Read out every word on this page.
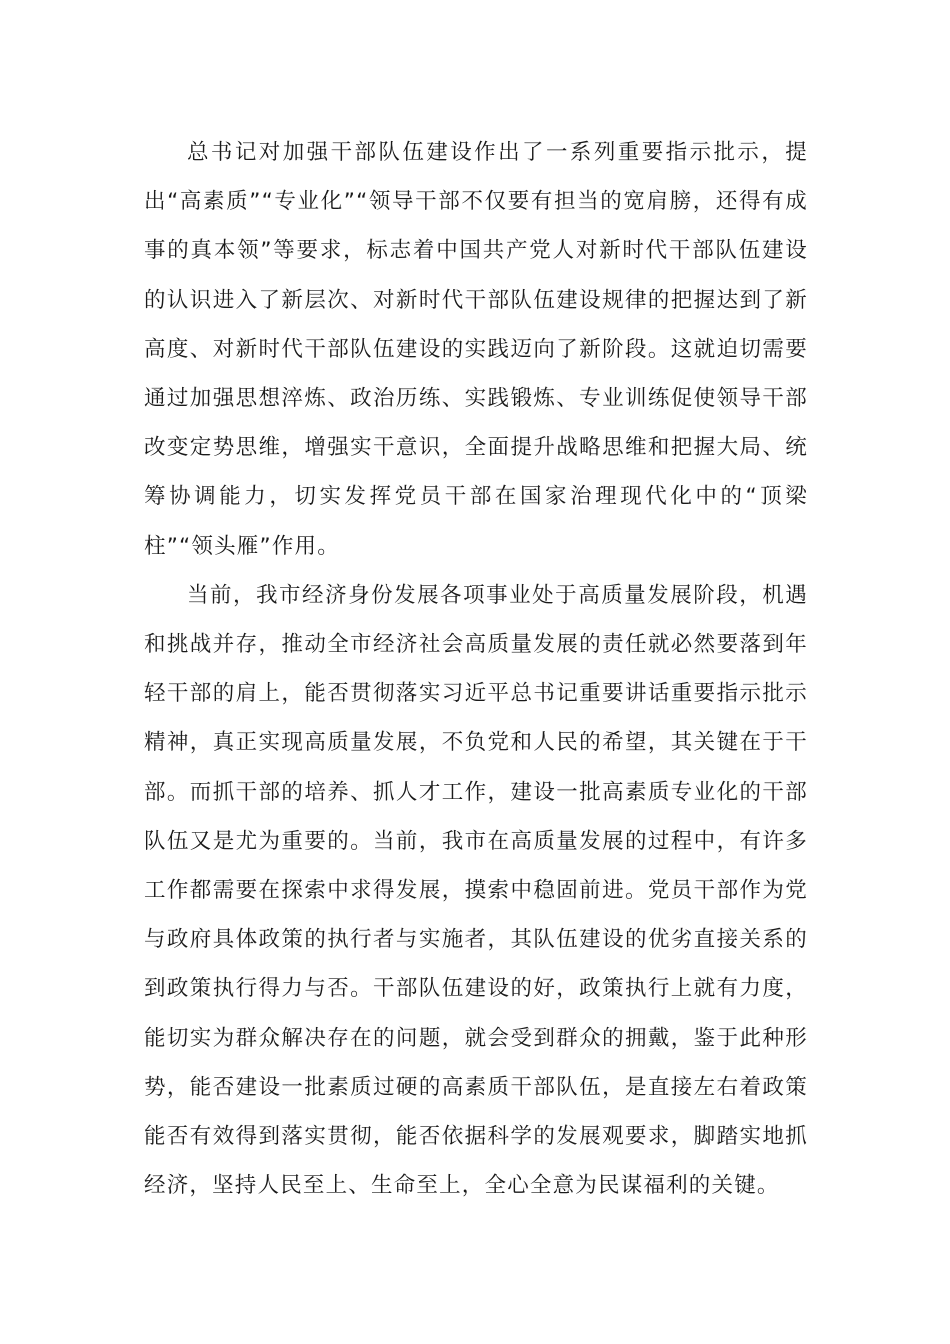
总书记对加强干部队伍建设作出了一系列重要指示批示，提出“高素质”“专业化”“领导干部不仅要有担当的宽肩膀，还得有成事的真本领”等要求，标志着中国共产党人对新时代干部队伍建设的认识进入了新层次、对新时代干部队伍建设规律的把握达到了新高度、对新时代干部队伍建设的实践迈向了新阶段。这就迫切需要通过加强思想淬炼、政治历练、实践锻炼、专业训练促使领导干部改变定势思维，增强实干意识，全面提升战略思维和把握大局、统筹协调能力，切实发挥党员干部在国家治理现代化中的“顶梁柱”“领头雁”作用。

当前，我市经济身份发展各项事业处于高质量发展阶段，机遇和挑战并存，推动全市经济社会高质量发展的责任就必然要落到年轻干部的肩上，能否贯彻落实习近平总书记重要讲话重要指示批示精神，真正实现高质量发展，不负党和人民的希望，其关键在于干部。而抓干部的培养、抓人才工作，建设一批高素质专业化的干部队伍又是尤为重要的。当前，我市在高质量发展的过程中，有许多工作都需要在探索中求得发展，摸索中稳固前进。党员干部作为党与政府具体政策的执行者与实施者，其队伍建设的优劣直接关系的到政策执行得力与否。干部队伍建设的好，政策执行上就有力度，能切实为群众解决存在的问题，就会受到群众的拥戴，鉴于此种形势，能否建设一批素质过硬的高素质干部队伍，是直接左右着政策能否有效得到落实贯彻，能否依据科学的发展观要求，脚踏实地抓经济，坚持人民至上、生命至上，全心全意为民谋福利的关键。
